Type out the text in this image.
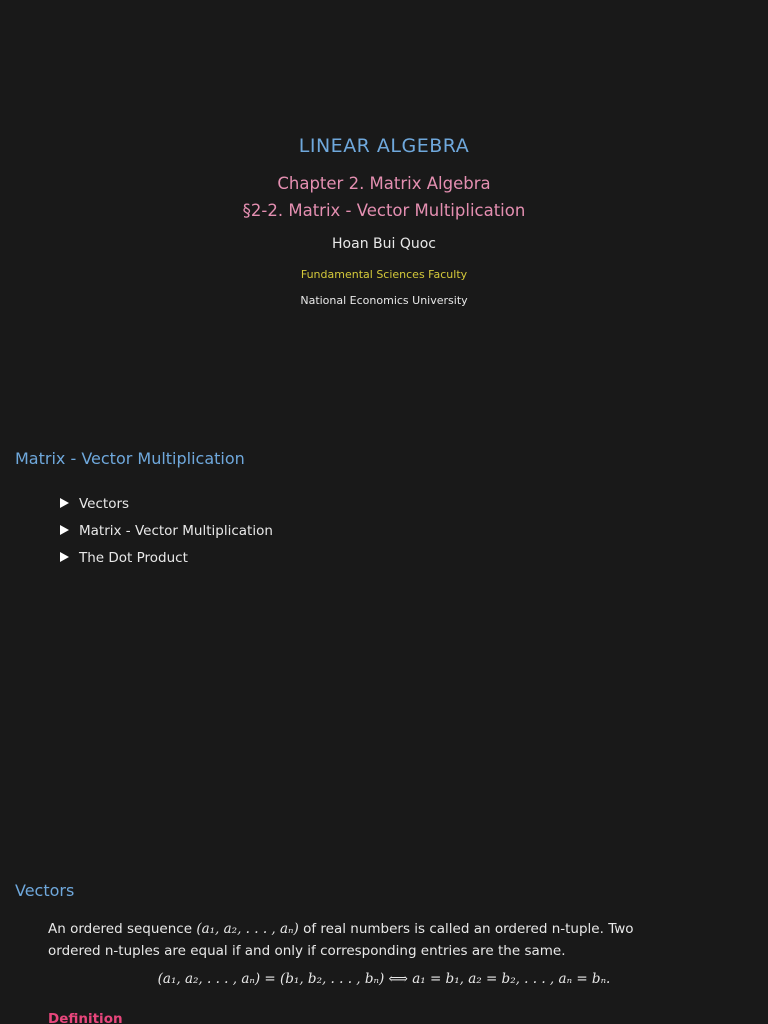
LINEAR ALGEBRA
Chapter 2. Matrix Algebra
§2-2. Matrix - Vector Multiplication
Hoan Bui Quoc
Fundamental Sciences Faculty
National Economics University
Matrix - Vector Multiplication
Vectors
Matrix - Vector Multiplication
The Dot Product
Vectors
An ordered sequence (a₁, a₂, . . . , aₙ) of real numbers is called an ordered n-tuple. Two ordered n-tuples are equal if and only if corresponding entries are the same.
(a₁, a₂, . . . , aₙ) = (b₁, b₂, . . . , bₙ) ⟺ a₁ = b₁, a₂ = b₂, . . . , aₙ = bₙ.
Definition
